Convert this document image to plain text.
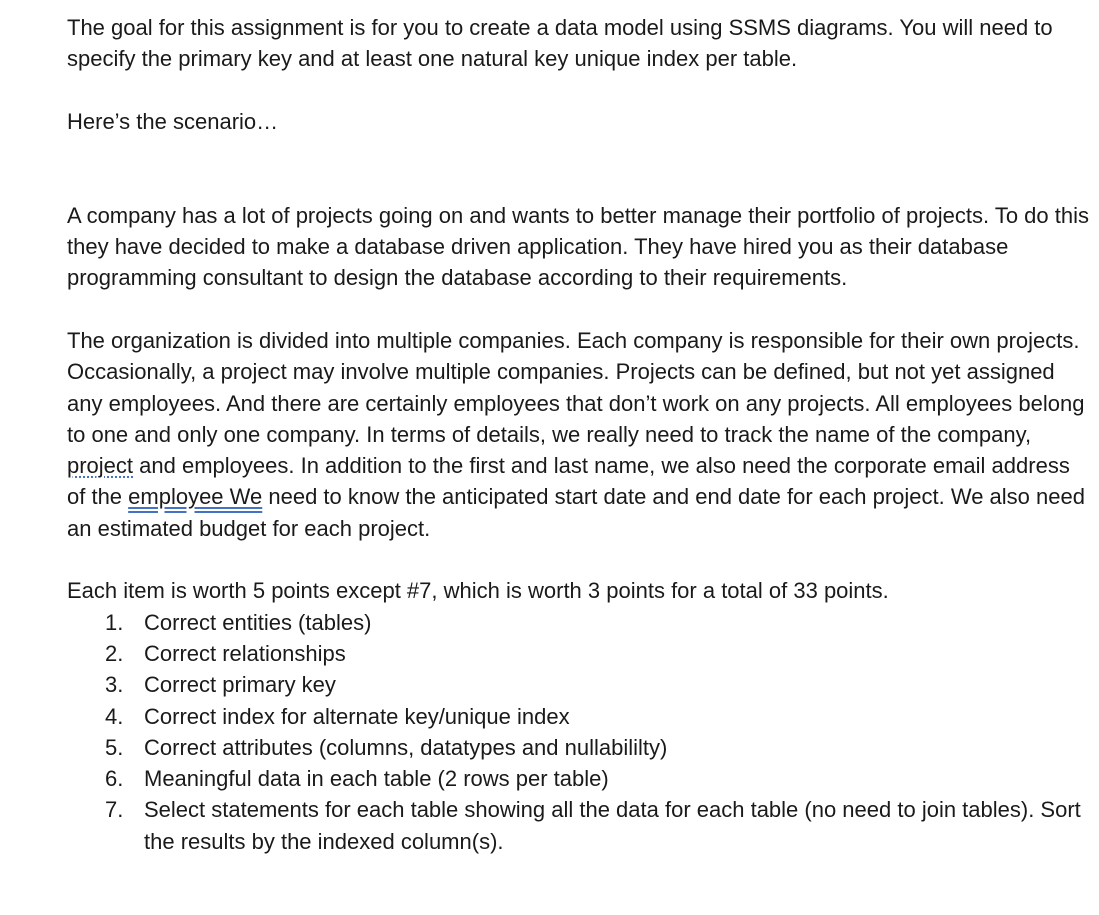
The goal for this assignment is for you to create a data model using SSMS diagrams. You will need to specify the primary key and at least one natural key unique index per table.

Here’s the scenario…

A company has a lot of projects going on and wants to better manage their portfolio of projects. To do this they have decided to make a database driven application. They have hired you as their database programming consultant to design the database according to their requirements.

The organization is divided into multiple companies. Each company is responsible for their own projects. Occasionally, a project may involve multiple companies. Projects can be defined, but not yet assigned any employees. And there are certainly employees that don’t work on any projects. All employees belong to one and only one company. In terms of details, we really need to track the name of the company, project and employees. In addition to the first and last name, we also need the corporate email address of the employee We need to know the anticipated start date and end date for each project. We also need an estimated budget for each project.

Each item is worth 5 points except #7, which is worth 3 points for a total of 33 points.

1. Correct entities (tables)
2. Correct relationships
3. Correct primary key
4. Correct index for alternate key/unique index
5. Correct attributes (columns, datatypes and nullabililty)
6. Meaningful data in each table (2 rows per table)
7. Select statements for each table showing all the data for each table (no need to join tables). Sort the results by the indexed column(s).
